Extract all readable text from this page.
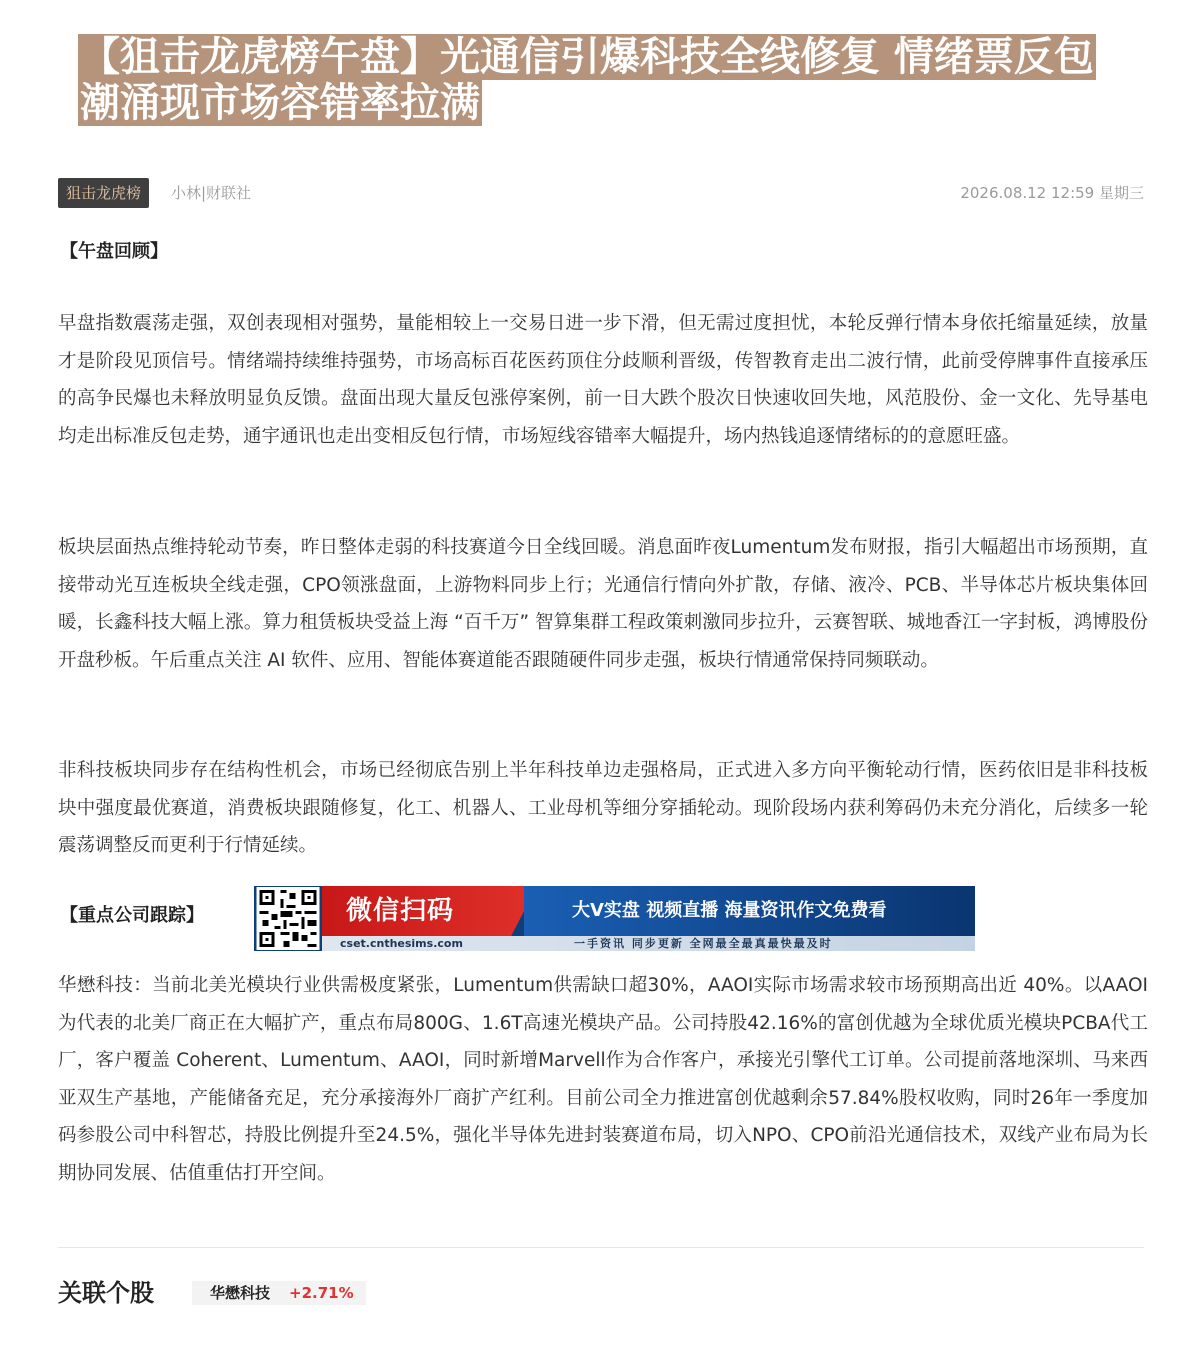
【狙击龙虎榜午盘】光通信引爆科技全线修复 情绪票反包
潮涌现市场容错率拉满
狙击龙虎榜	小林|财联社	2026.08.12 12:59 星期三
【午盘回顾】

早盘指数震荡走强，双创表现相对强势，量能相较上一交易日进一步下滑，但无需过度担忧，本轮反弹行情本身依托缩量延续，放量才是阶段见顶信号。情绪端持续维持强势，市场高标百花医药顶住分歧顺利晋级，传智教育走出二波行情，此前受停牌事件直接承压的高争民爆也未释放明显负反馈。盘面出现大量反包涨停案例，前一日大跌个股次日快速收回失地，风范股份、金一文化、先导基电均走出标准反包走势，通宇通讯也走出变相反包行情，市场短线容错率大幅提升，场内热钱追逐情绪标的的意愿旺盛。

板块层面热点维持轮动节奏，昨日整体走弱的科技赛道今日全线回暖。消息面昨夜Lumentum发布财报，指引大幅超出市场预期，直接带动光互连板块全线走强，CPO领涨盘面，上游物料同步上行；光通信行情向外扩散，存储、液冷、PCB、半导体芯片板块集体回暖，长鑫科技大幅上涨。算力租赁板块受益上海 “百千万” 智算集群工程政策刺激同步拉升，云赛智联、城地香江一字封板，鸿博股份开盘秒板。午后重点关注 AI 软件、应用、智能体赛道能否跟随硬件同步走强，板块行情通常保持同频联动。

非科技板块同步存在结构性机会，市场已经彻底告别上半年科技单边走强格局，正式进入多方向平衡轮动行情，医药依旧是非科技板块中强度最优赛道，消费板块跟随修复，化工、机器人、工业母机等细分穿插轮动。现阶段场内获利筹码仍未充分消化，后续多一轮震荡调整反而更利于行情延续。

【重点公司跟踪】	微信扫码	大V实盘 视频直播 海量资讯作文免费看
cset.cnthesims.com	一手资讯 同步更新 全网最全最真最快最及时

华懋科技：当前北美光模块行业供需极度紧张，Lumentum供需缺口超30%，AAOI实际市场需求较市场预期高出近 40%。以AAOI为代表的北美厂商正在大幅扩产，重点布局800G、1.6T高速光模块产品。公司持股42.16%的富创优越为全球优质光模块PCBA代工厂，客户覆盖 Coherent、Lumentum、AAOI，同时新增Marvell作为合作客户，承接光引擎代工订单。公司提前落地深圳、马来西亚双生产基地，产能储备充足，充分承接海外厂商扩产红利。目前公司全力推进富创优越剩余57.84%股权收购，同时26年一季度加码参股公司中科智芯，持股比例提升至24.5%，强化半导体先进封装赛道布局，切入NPO、CPO前沿光通信技术，双线产业布局为长期协同发展、估值重估打开空间。

关联个股	华懋科技 +2.71%
